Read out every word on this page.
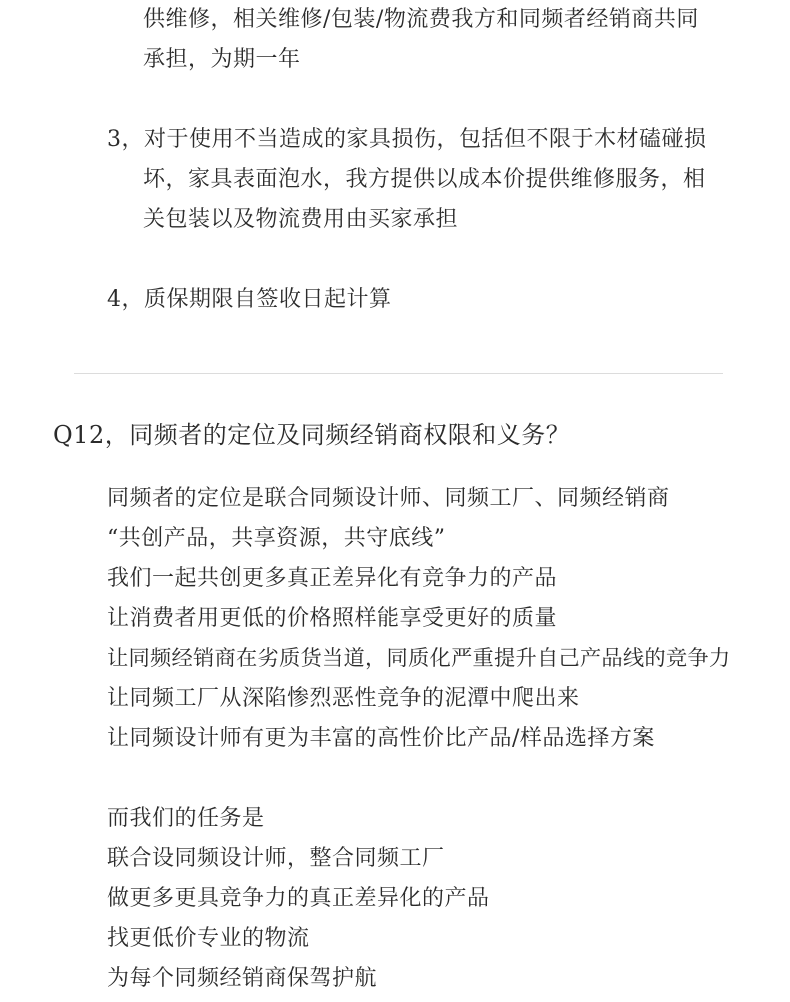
供维修，相关维修/包装/物流费我方和同频者经销商共同
承担，为期一年
3，对于使用不当造成的家具损伤，包括但不限于木材磕碰损
坏，家具表面泡水，我方提供以成本价提供维修服务，相
关包装以及物流费用由买家承担
4，质保期限自签收日起计算
Q12，同频者的定位及同频经销商权限和义务？
同频者的定位是联合同频设计师、同频工厂、同频经销商
“共创产品，共享资源，共守底线”
我们一起共创更多真正差异化有竞争力的产品
让消费者用更低的价格照样能享受更好的质量
让同频经销商在劣质货当道，同质化严重提升自己产品线的竞争力
让同频工厂从深陷惨烈恶性竞争的泥潭中爬出来
让同频设计师有更为丰富的高性价比产品/样品选择方案
而我们的任务是
联合设同频设计师，整合同频工厂
做更多更具竞争力的真正差异化的产品
找更低价专业的物流
为每个同频经销商保驾护航
